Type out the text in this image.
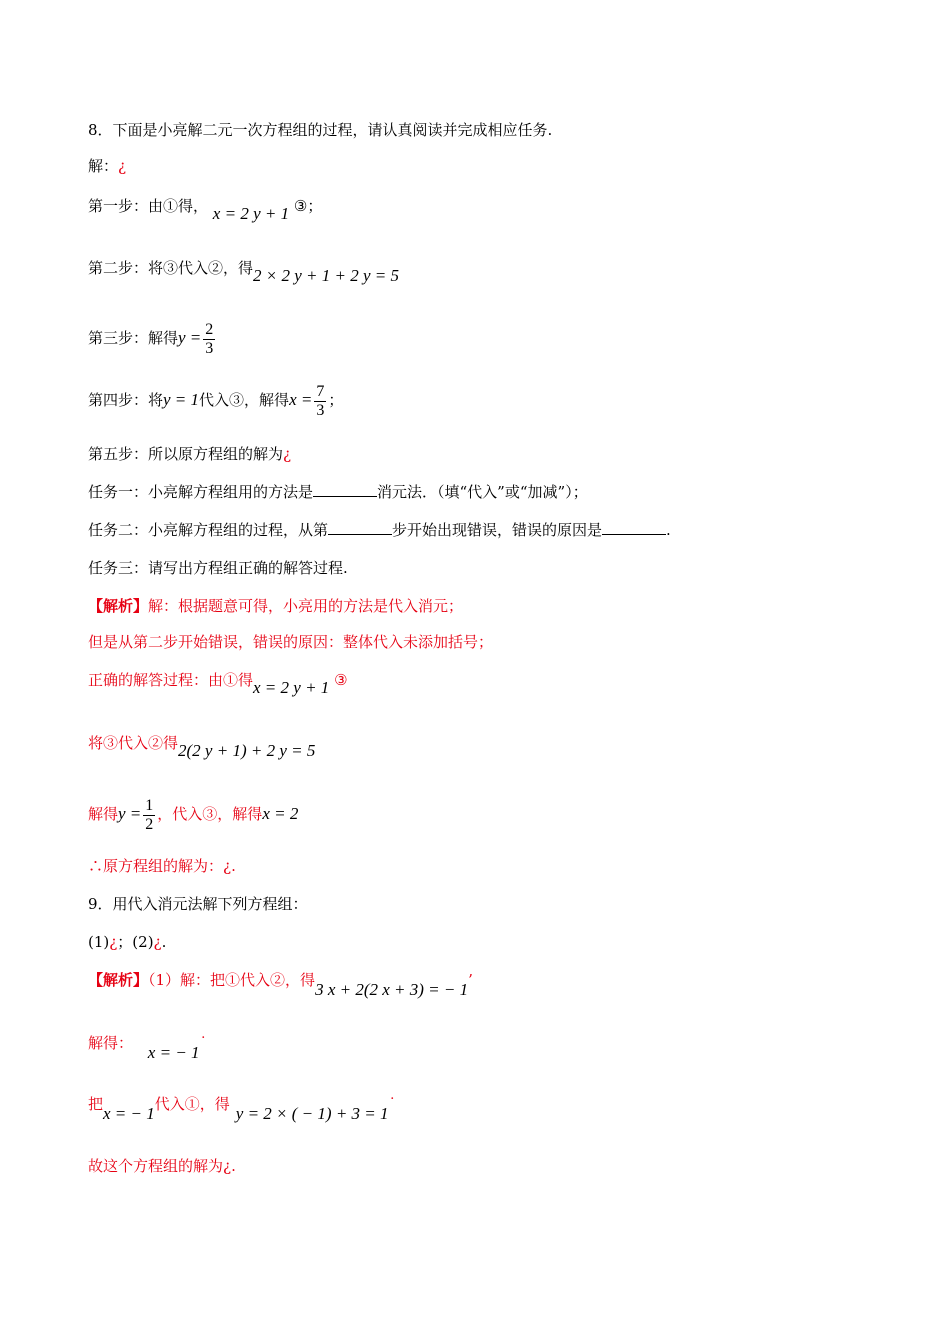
8．下面是小亮解二元一次方程组的过程，请认真阅读并完成相应任务.
解：¿
第一步：由①得， x = 2 y + 1 ③；
第二步：将③代入②，得2 × 2 y + 1 + 2 y = 5
第三步：解得$y = \frac{2}{3}$
第四步：将y = 1代入③，解得$x = \frac{7}{3}$ ；
第五步：所以原方程组的解为¿
任务一：小亮解方程组用的方法是	消元法．（填“代入”或“加减”）；
任务二：小亮解方程组的过程，从第	步开始出现错误，错误的原因是	.
任务三：请写出方程组正确的解答过程.
【解析】解：根据题意可得，小亮用的方法是代入消元；
但是从第二步开始错误，错误的原因：整体代入未添加括号；
正确的解答过程：由①得x = 2 y + 1 ③
将③代入②得2(2 y + 1) + 2 y = 5
解得$y = \frac{1}{2}$ ，代入③，解得x = 2
∴原方程组的解为：¿.
9．用代入消元法解下列方程组：
(1)¿；(2)¿.
【解析】（1）解：把①代入②，得3 x + 2(2 x + 3) = − 1’
解得： x = − 1˙
把x = − 1代入①，得 y = 2 × ( − 1) + 3 = 1˙
故这个方程组的解为¿.
